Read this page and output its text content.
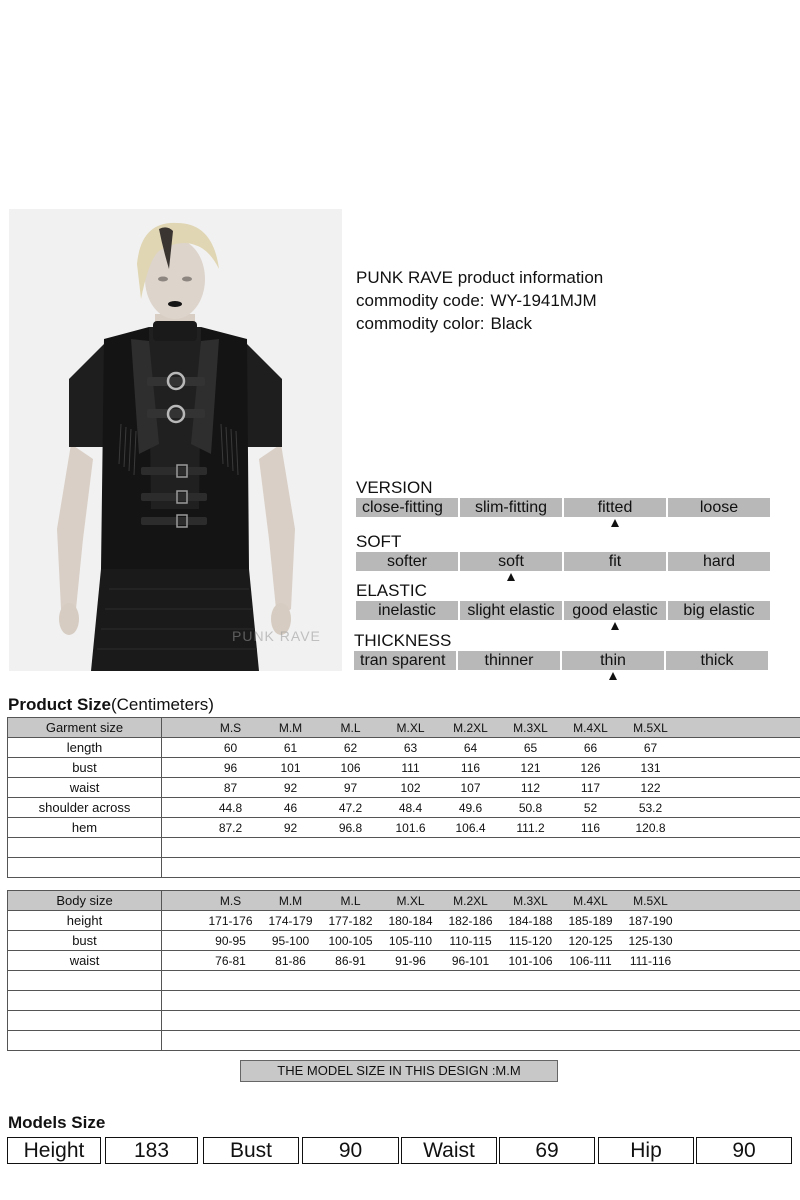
PUNK RAVE
PUNK RAVE product information
commodity code: WY-1941MJM
commodity color: Black
VERSION
close-fitting	slim-fitting	fitted	loose
SOFT
softer	soft	fit	hard
ELASTIC
inelastic	slight elastic	good elastic	big elastic
THICKNESS
tran sparent	thinner	thin	thick
Product Size(Centimeters)
Garment size		M.S	M.M	M.L	M.XL	M.2XL	M.3XL	M.4XL	M.5XL	
length		60	61	62	63	64	65	66	67	
bust		96	101	106	111	116	121	126	131	
waist		87	92	97	102	107	112	117	122	
shoulder across		44.8	46	47.2	48.4	49.6	50.8	52	53.2	
hem		87.2	92	96.8	101.6	106.4	111.2	116	120.8	

Body size		M.S	M.M	M.L	M.XL	M.2XL	M.3XL	M.4XL	M.5XL	
height		171-176	174-179	177-182	180-184	182-186	184-188	185-189	187-190	
bust		90-95	95-100	100-105	105-110	110-115	115-120	120-125	125-130	
waist		76-81	81-86	86-91	91-96	96-101	101-106	106-111	111-116	

THE MODEL SIZE IN THIS DESIGN :M.M
Models Size
Height	183	Bust	90	Waist	69	Hip	90
